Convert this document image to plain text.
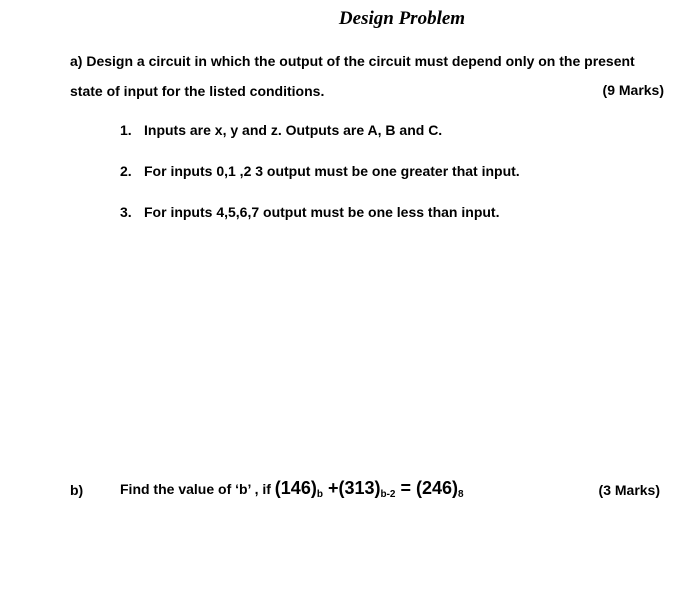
Design Problem
a) Design a circuit in which the output of the circuit must depend only on the present
state of input for the listed conditions.	(9 Marks)
1. Inputs are x, y and z. Outputs are A, B and C.
2. For inputs 0,1 ,2 3 output must be one greater that input.
3. For inputs 4,5,6,7 output must be one less than input.
b)	Find the value of ‘b’ , if $(146)_b +(313)_{b-2} = (246)_8$	(3 Marks)
